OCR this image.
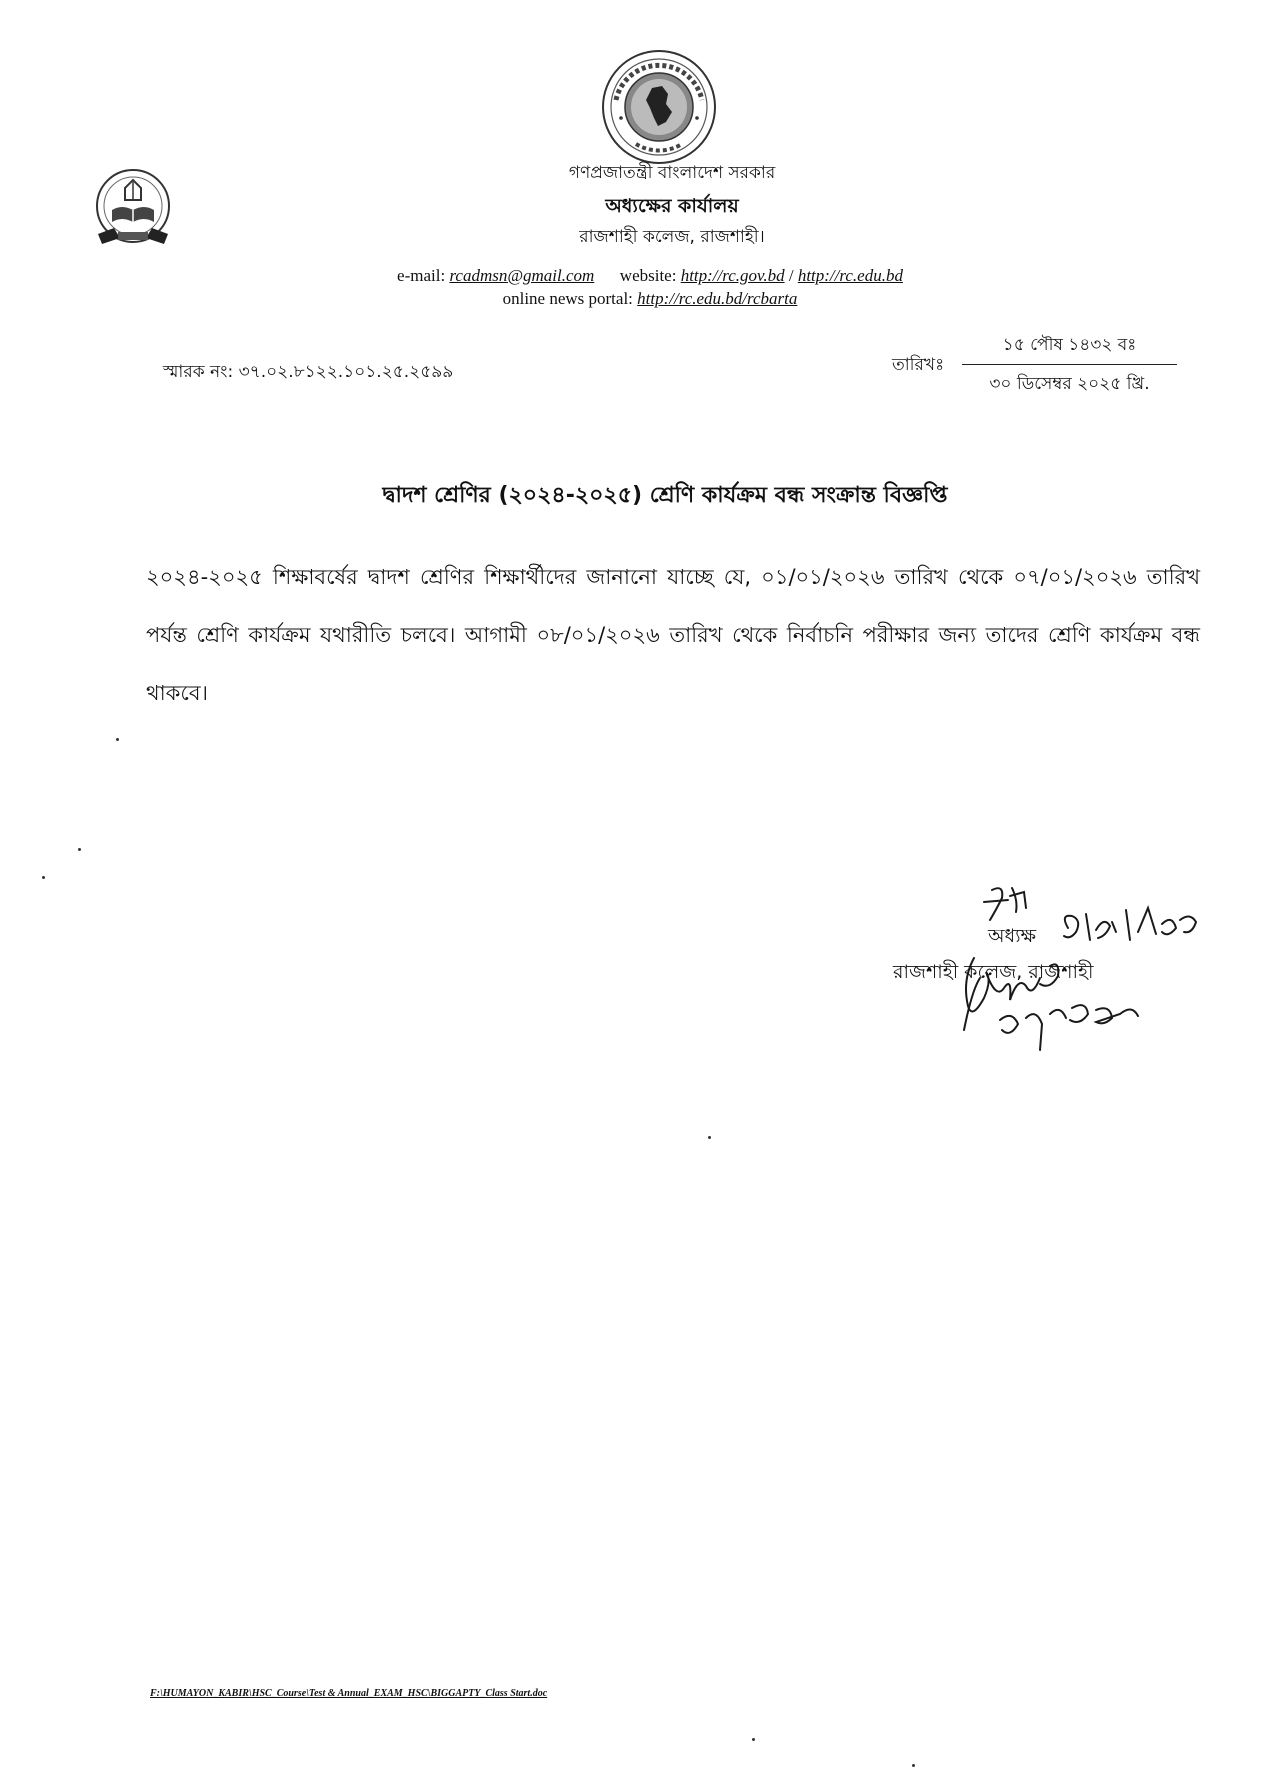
গণপ্রজাতন্ত্রী বাংলাদেশ সরকার
অধ্যক্ষের কার্যালয়
রাজশাহী কলেজ, রাজশাহী।
e-mail: rcadmsn@gmail.com website: http://rc.gov.bd / http://rc.edu.bd
online news portal: http://rc.edu.bd/rcbarta
স্মারক নং: ৩৭.০২.৮১২২.১০১.২৫.২৫৯৯	তারিখঃ
১৫ পৌষ ১৪৩২ বঃ
৩০ ডিসেম্বর ২০২৫ খ্রি.
দ্বাদশ শ্রেণির (২০২৪-২০২৫) শ্রেণি কার্যক্রম বন্ধ সংক্রান্ত বিজ্ঞপ্তি
২০২৪-২০২৫ শিক্ষাবর্ষের দ্বাদশ শ্রেণির শিক্ষার্থীদের জানানো যাচ্ছে যে, ০১/০১/২০২৬ তারিখ থেকে ০৭/০১/২০২৬ তারিখ পর্যন্ত শ্রেণি কার্যক্রম যথারীতি চলবে। আগামী ০৮/০১/২০২৬ তারিখ থেকে নির্বাচনি পরীক্ষার জন্য তাদের শ্রেণি কার্যক্রম বন্ধ থাকবে।
অধ্যক্ষ
রাজশাহী কলেজ, রাজশাহী
F:\HUMAYON_KABIR\HSC_Course\Test & Annual_EXAM_HSC\BIGGAPTY_Class Start.doc
